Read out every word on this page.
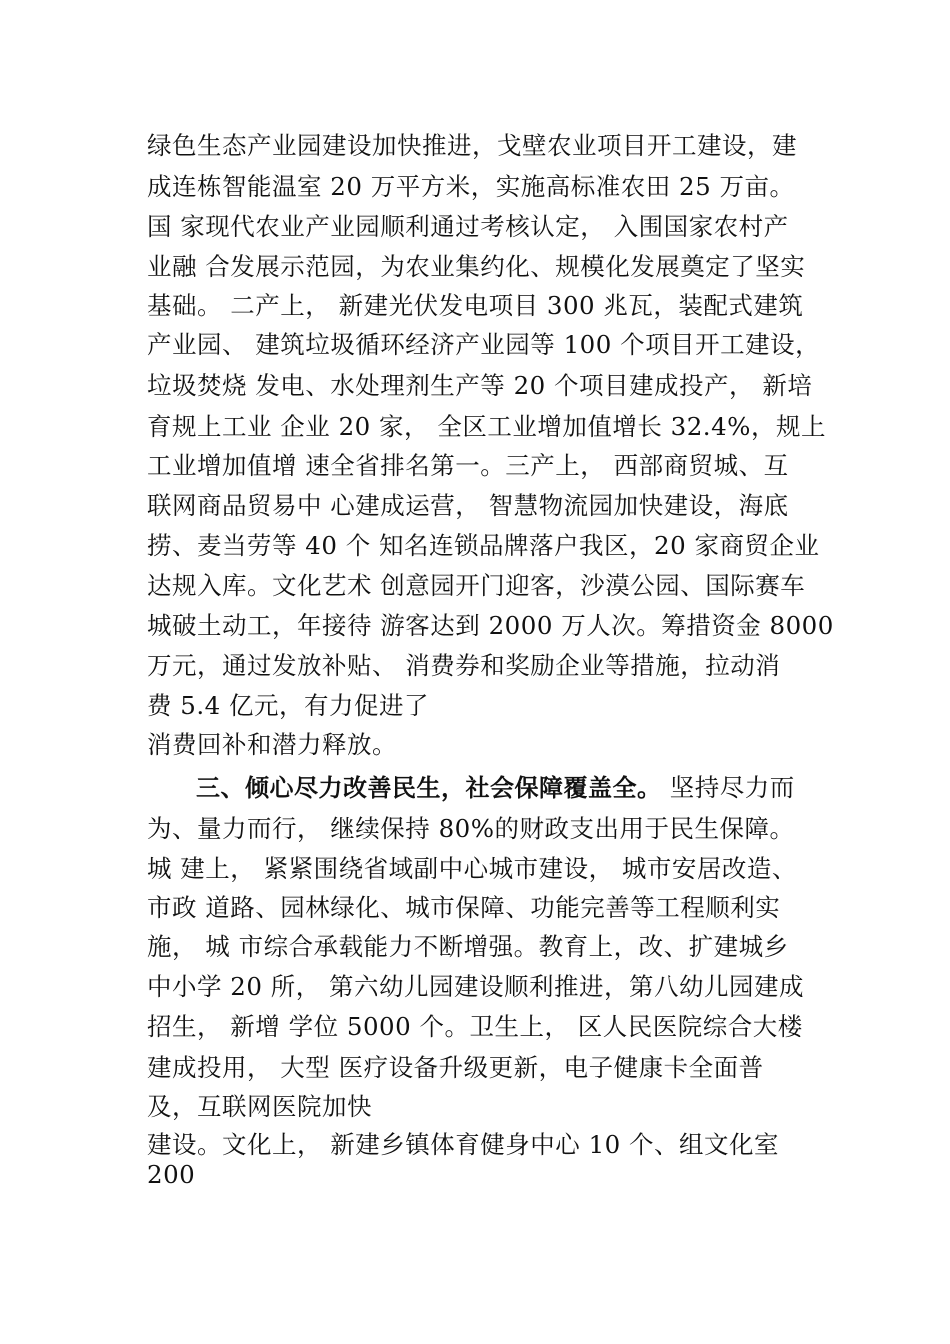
绿色生态产业园建设加快推进，戈壁农业项目开工建设，建
成连栋智能温室 20 万平方米，实施高标准农田 25 万亩。
国 家现代农业产业园顺利通过考核认定， 入围国家农村产
业融 合发展示范园，为农业集约化、规模化发展奠定了坚实
基础。 二产上， 新建光伏发电项目 300 兆瓦，装配式建筑
产业园、 建筑垃圾循环经济产业园等 100 个项目开工建设，
垃圾焚烧 发电、水处理剂生产等 20 个项目建成投产， 新培
育规上工业 企业 20 家， 全区工业增加值增长 32.4%，规上
工业增加值增 速全省排名第一。三产上， 西部商贸城、互
联网商品贸易中 心建成运营， 智慧物流园加快建设，海底
捞、麦当劳等 40 个 知名连锁品牌落户我区，20 家商贸企业
达规入库。文化艺术 创意园开门迎客，沙漠公园、国际赛车
城破土动工，年接待 游客达到 2000 万人次。筹措资金 8000
万元，通过发放补贴、 消费券和奖励企业等措施，拉动消
费 5.4 亿元，有力促进了
消费回补和潜力释放。
三、倾心尽力改善民生，社会保障覆盖全。 坚持尽力而
为、量力而行， 继续保持 80%的财政支出用于民生保障。
城 建上， 紧紧围绕省域副中心城市建设， 城市安居改造、
市政 道路、园林绿化、城市保障、功能完善等工程顺利实
施， 城 市综合承载能力不断增强。教育上，改、扩建城乡
中小学 20 所， 第六幼儿园建设顺利推进，第八幼儿园建成
招生， 新增 学位 5000 个。卫生上， 区人民医院综合大楼
建成投用， 大型 医疗设备升级更新，电子健康卡全面普
及，互联网医院加快
建设。文化上， 新建乡镇体育健身中心 10 个、组文化室
200
